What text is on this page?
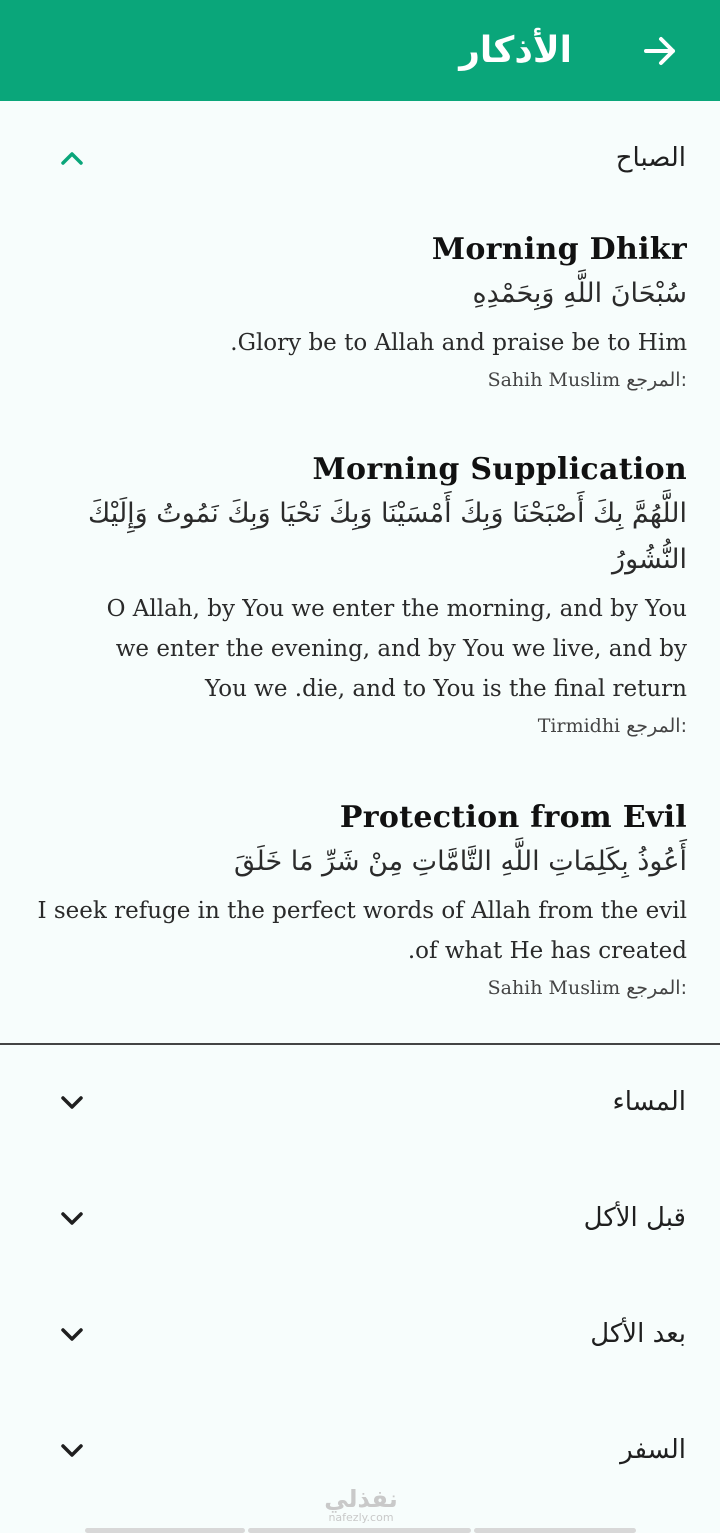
الأذكار
الصباح
Morning Dhikr
سُبْحَانَ اللَّهِ وَبِحَمْدِهِ
.Glory be to Allah and praise be to Him
Sahih Muslim المرجع:
Morning Supplication
اللَّهُمَّ بِكَ أَصْبَحْنَا وَبِكَ أَمْسَيْنَا وَبِكَ نَحْيَا وَبِكَ نَمُوتُ وَإِلَيْكَ النُّشُورُ
O Allah, by You we enter the morning, and by You we enter the evening, and by You we live, and by You we .die, and to You is the final return
Tirmidhi المرجع:
Protection from Evil
أَعُوذُ بِكَلِمَاتِ اللَّهِ التَّامَّاتِ مِنْ شَرِّ مَا خَلَقَ
I seek refuge in the perfect words of Allah from the evil .of what He has created
Sahih Muslim المرجع:
المساء
قبل الأكل
بعد الأكل
السفر
نفذلي
nafezly.com
